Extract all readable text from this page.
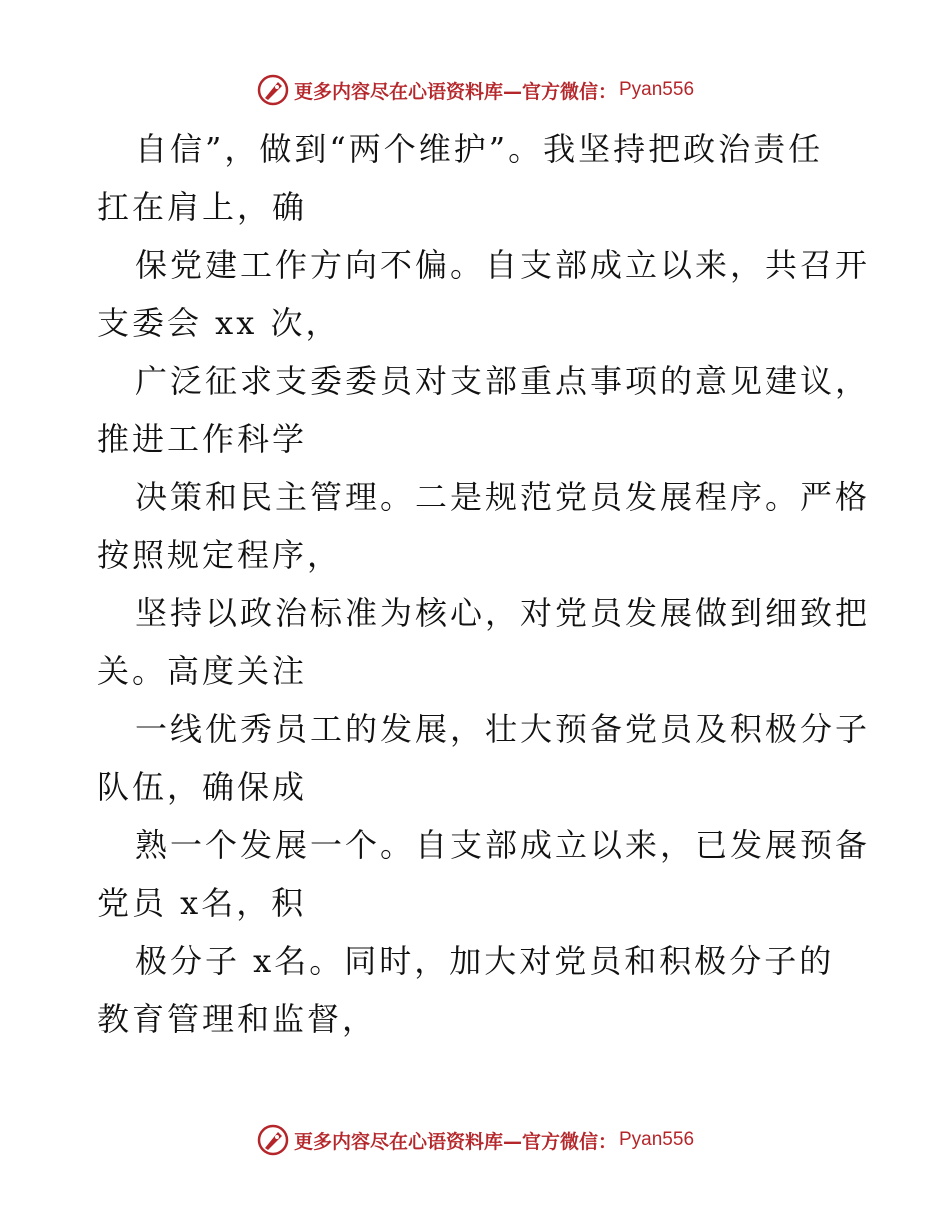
更多内容尽在心语资料库—官方微信： Pyan556
自信”，做到“两个维护”。我坚持把政治责任
扛在肩上，确
保党建工作方向不偏。自支部成立以来，共召开
支委会 xx 次，
广泛征求支委委员对支部重点事项的意见建议，
推进工作科学
决策和民主管理。二是规范党员发展程序。严格
按照规定程序，
坚持以政治标准为核心，对党员发展做到细致把
关。高度关注
一线优秀员工的发展，壮大预备党员及积极分子
队伍，确保成
熟一个发展一个。自支部成立以来，已发展预备
党员 x名，积
极分子 x名。同时，加大对党员和积极分子的
教育管理和监督，
更多内容尽在心语资料库—官方微信： Pyan556
